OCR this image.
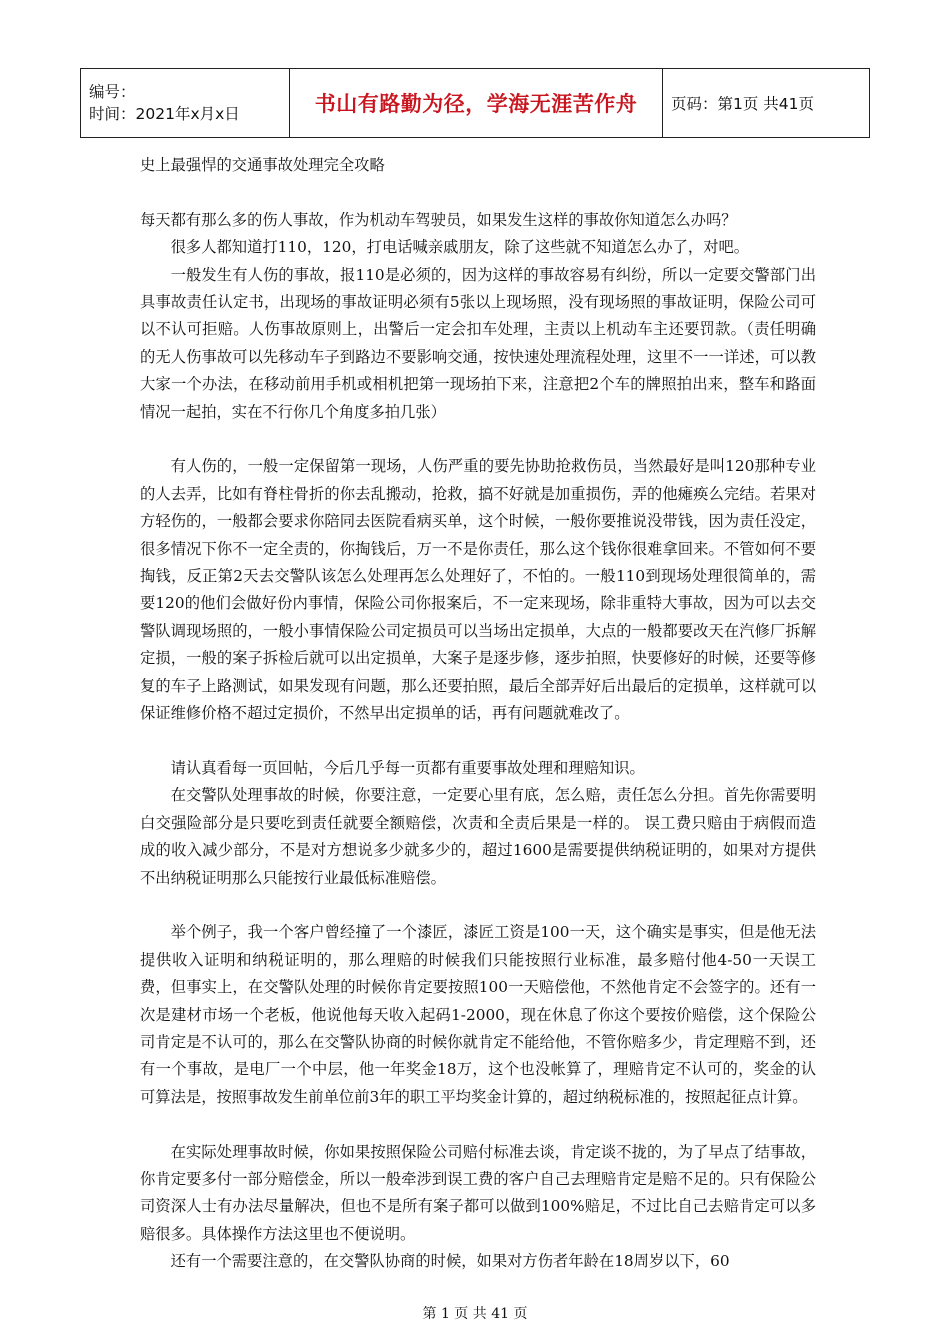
编号：
时间：2021年x月x日	书山有路勤为径，学海无涯苦作舟	页码：第1页 共41页

史上最强悍的交通事故处理完全攻略

每天都有那么多的伤人事故，作为机动车驾驶员，如果发生这样的事故你知道怎么办吗？

很多人都知道打110，120，打电话喊亲戚朋友，除了这些就不知道怎么办了，对吧。

一般发生有人伤的事故，报110是必须的，因为这样的事故容易有纠纷，所以一定要交警部门出具事故责任认定书，出现场的事故证明必须有5张以上现场照，没有现场照的事故证明，保险公司可以不认可拒赔。人伤事故原则上，出警后一定会扣车处理，主责以上机动车主还要罚款。（责任明确的无人伤事故可以先移动车子到路边不要影响交通，按快速处理流程处理，这里不一一详述，可以教大家一个办法，在移动前用手机或相机把第一现场拍下来，注意把2个车的牌照拍出来，整车和路面情况一起拍，实在不行你几个角度多拍几张）

有人伤的，一般一定保留第一现场，人伤严重的要先协助抢救伤员，当然最好是叫120那种专业的人去弄，比如有脊柱骨折的你去乱搬动，抢救，搞不好就是加重损伤，弄的他瘫痪么完结。若果对方轻伤的，一般都会要求你陪同去医院看病买单，这个时候，一般你要推说没带钱，因为责任没定，很多情况下你不一定全责的，你掏钱后，万一不是你责任，那么这个钱你很难拿回来。不管如何不要掏钱，反正第2天去交警队该怎么处理再怎么处理好了，不怕的。一般110到现场处理很简单的，需要120的他们会做好份内事情，保险公司你报案后，不一定来现场，除非重特大事故，因为可以去交警队调现场照的，一般小事情保险公司定损员可以当场出定损单，大点的一般都要改天在汽修厂拆解定损，一般的案子拆检后就可以出定损单，大案子是逐步修，逐步拍照，快要修好的时候，还要等修复的车子上路测试，如果发现有问题，那么还要拍照，最后全部弄好后出最后的定损单，这样就可以保证维修价格不超过定损价，不然早出定损单的话，再有问题就难改了。

请认真看每一页回帖，今后几乎每一页都有重要事故处理和理赔知识。

在交警队处理事故的时候，你要注意，一定要心里有底，怎么赔，责任怎么分担。首先你需要明白交强险部分是只要吃到责任就要全额赔偿，次责和全责后果是一样的。 误工费只赔由于病假而造成的收入减少部分，不是对方想说多少就多少的，超过1600是需要提供纳税证明的，如果对方提供不出纳税证明那么只能按行业最低标准赔偿。

举个例子，我一个客户曾经撞了一个漆匠，漆匠工资是100一天，这个确实是事实，但是他无法提供收入证明和纳税证明的，那么理赔的时候我们只能按照行业标准，最多赔付他4-50一天误工费，但事实上，在交警队处理的时候你肯定要按照100一天赔偿他，不然他肯定不会签字的。还有一次是建材市场一个老板，他说他每天收入起码1-2000，现在休息了你这个要按价赔偿，这个保险公司肯定是不认可的，那么在交警队协商的时候你就肯定不能给他，不管你赔多少，肯定理赔不到，还有一个事故，是电厂一个中层，他一年奖金18万，这个也没帐算了，理赔肯定不认可的，奖金的认可算法是，按照事故发生前单位前3年的职工平均奖金计算的，超过纳税标准的，按照起征点计算。

在实际处理事故时候，你如果按照保险公司赔付标准去谈，肯定谈不拢的，为了早点了结事故，你肯定要多付一部分赔偿金，所以一般牵涉到误工费的客户自己去理赔肯定是赔不足的。只有保险公司资深人士有办法尽量解决，但也不是所有案子都可以做到100%赔足，不过比自己去赔肯定可以多赔很多。具体操作方法这里也不便说明。

还有一个需要注意的，在交警队协商的时候，如果对方伤者年龄在18周岁以下，60

第 1 页 共 41 页
